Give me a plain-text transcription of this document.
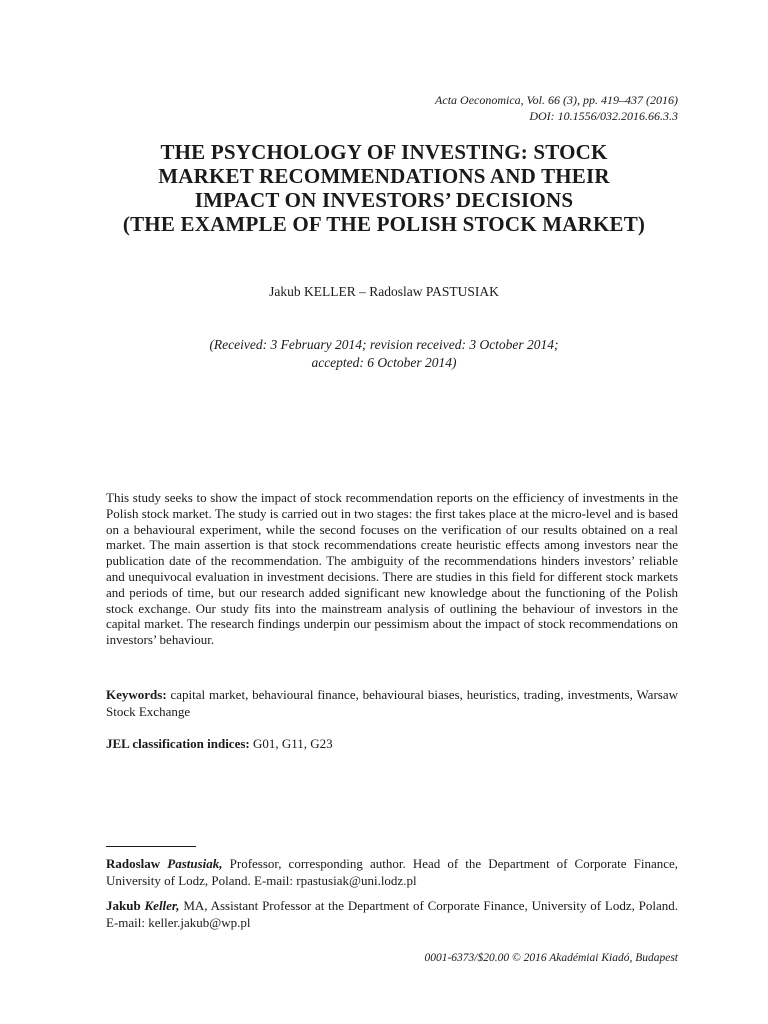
Acta Oeconomica, Vol. 66 (3), pp. 419–437 (2016)
DOI: 10.1556/032.2016.66.3.3
THE PSYCHOLOGY OF INVESTING: STOCK
MARKET RECOMMENDATIONS AND THEIR
IMPACT ON INVESTORS’ DECISIONS
(THE EXAMPLE OF THE POLISH STOCK MARKET)
Jakub KELLER – Radoslaw PASTUSIAK
(Received: 3 February 2014; revision received: 3 October 2014;
accepted: 6 October 2014)
This study seeks to show the impact of stock recommendation reports on the efficiency of investments in the Polish stock market. The study is carried out in two stages: the first takes place at the micro-level and is based on a behavioural experiment, while the second focuses on the verification of our results obtained on a real market. The main assertion is that stock recommendations create heuristic effects among investors near the publication date of the recommendation. The ambiguity of the recommendations hinders investors’ reliable and unequivocal evaluation in investment decisions. There are studies in this field for different stock markets and periods of time, but our research added significant new knowledge about the functioning of the Polish stock exchange. Our study fits into the mainstream analysis of outlining the behaviour of investors in the capital market. The research findings underpin our pessimism about the impact of stock recommendations on investors’ behaviour.
Keywords: capital market, behavioural finance, behavioural biases, heuristics, trading, investments, Warsaw Stock Exchange
JEL classification indices: G01, G11, G23
Radoslaw Pastusiak, Professor, corresponding author. Head of the Department of Corporate Finance, University of Lodz, Poland. E-mail: rpastusiak@uni.lodz.pl
Jakub Keller, MA, Assistant Professor at the Department of Corporate Finance, University of Lodz, Poland. E-mail: keller.jakub@wp.pl
0001-6373/$20.00 © 2016 Akadémiai Kiadó, Budapest
